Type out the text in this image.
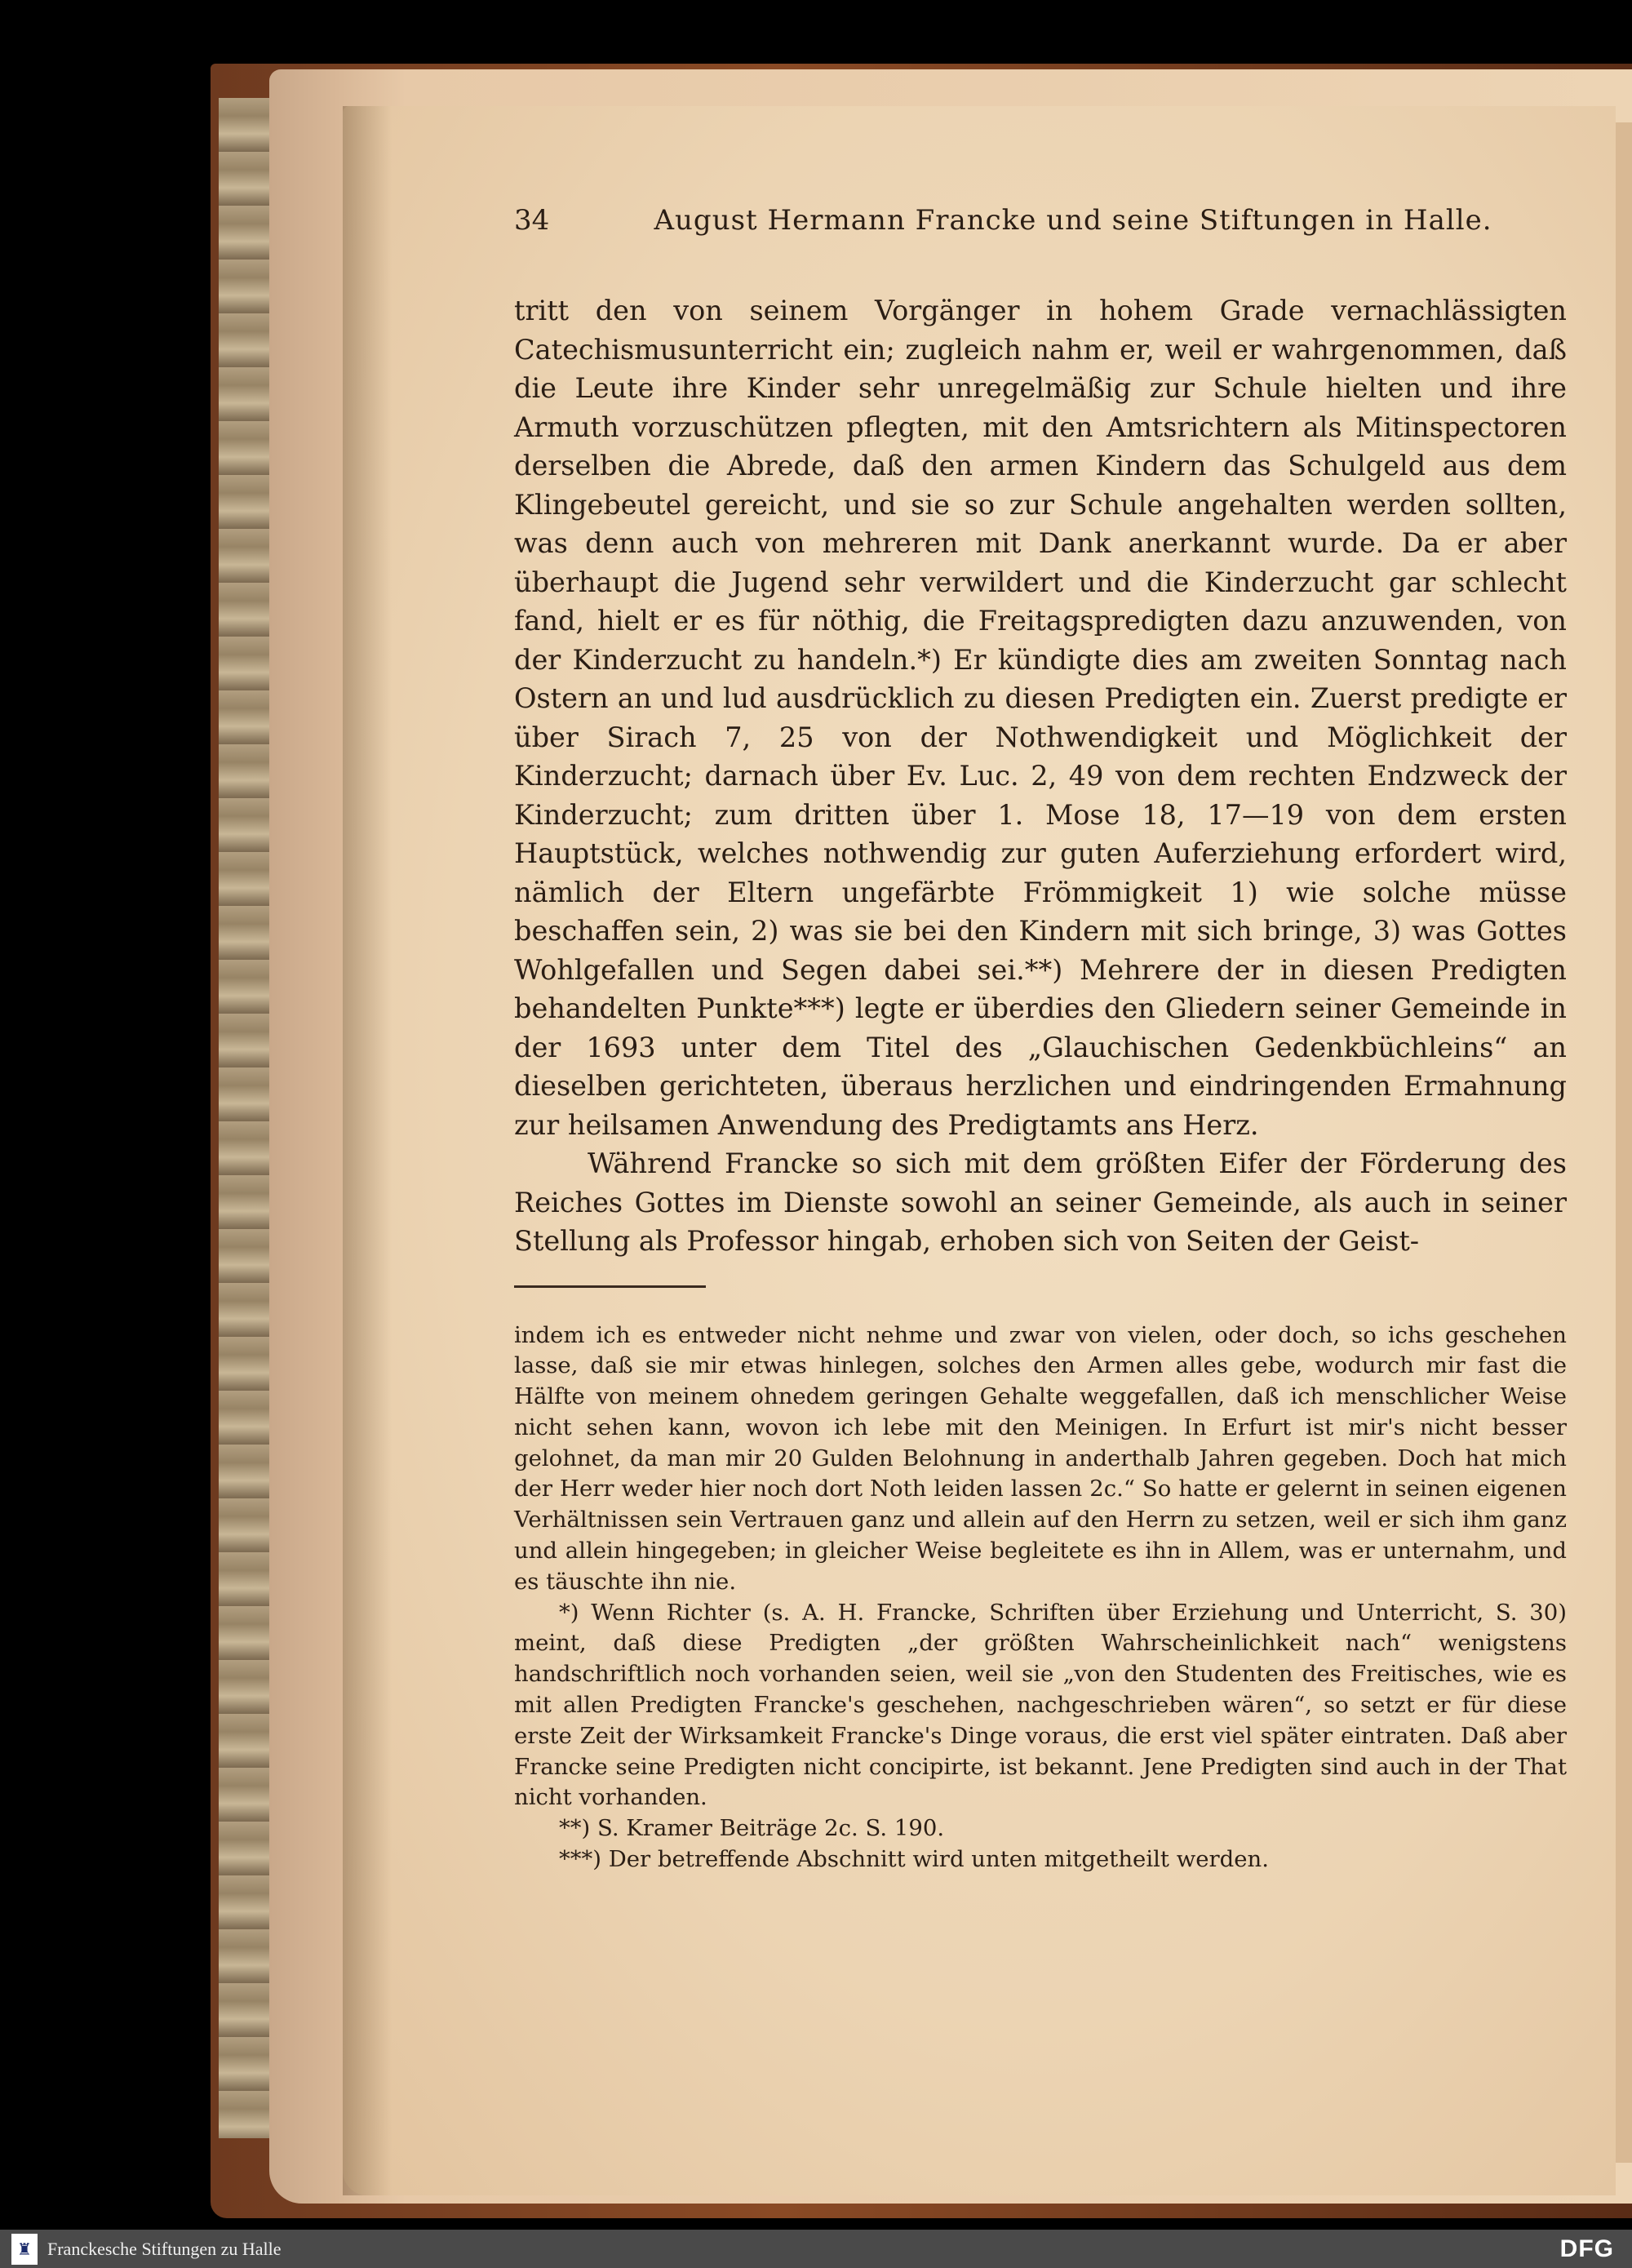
34	August Hermann Francke und seine Stiftungen in Halle.

tritt den von seinem Vorgänger in hohem Grade vernachlässigten Catechismusunterricht ein; zugleich nahm er, weil er wahrgenommen, daß die Leute ihre Kinder sehr unregelmäßig zur Schule hielten und ihre Armuth vorzuschützen pflegten, mit den Amtsrichtern als Mitinspectoren derselben die Abrede, daß den armen Kindern das Schulgeld aus dem Klingebeutel gereicht, und sie so zur Schule angehalten werden sollten, was denn auch von mehreren mit Dank anerkannt wurde. Da er aber überhaupt die Jugend sehr verwildert und die Kinderzucht gar schlecht fand, hielt er es für nöthig, die Freitagspredigten dazu anzuwenden, von der Kinderzucht zu handeln.*) Er kündigte dies am zweiten Sonntag nach Ostern an und lud ausdrücklich zu diesen Predigten ein. Zuerst predigte er über Sirach 7, 25 von der Nothwendigkeit und Möglichkeit der Kinderzucht; darnach über Ev. Luc. 2, 49 von dem rechten Endzweck der Kinderzucht; zum dritten über 1. Mose 18, 17—19 von dem ersten Hauptstück, welches nothwendig zur guten Auferziehung erfordert wird, nämlich der Eltern ungefärbte Frömmigkeit 1) wie solche müsse beschaffen sein, 2) was sie bei den Kindern mit sich bringe, 3) was Gottes Wohlgefallen und Segen dabei sei.**) Mehrere der in diesen Predigten behandelten Punkte***) legte er überdies den Gliedern seiner Gemeinde in der 1693 unter dem Titel des „Glauchischen Gedenkbüchleins“ an dieselben gerichteten, überaus herzlichen und eindringenden Ermahnung zur heilsamen Anwendung des Predigtamts ans Herz.

Während Francke so sich mit dem größten Eifer der Förderung des Reiches Gottes im Dienste sowohl an seiner Gemeinde, als auch in seiner Stellung als Professor hingab, erhoben sich von Seiten der Geist-

indem ich es entweder nicht nehme und zwar von vielen, oder doch, so ichs geschehen lasse, daß sie mir etwas hinlegen, solches den Armen alles gebe, wodurch mir fast die Hälfte von meinem ohnedem geringen Gehalte weggefallen, daß ich menschlicher Weise nicht sehen kann, wovon ich lebe mit den Meinigen. In Erfurt ist mir's nicht besser gelohnet, da man mir 20 Gulden Belohnung in anderthalb Jahren gegeben. Doch hat mich der Herr weder hier noch dort Noth leiden lassen 2c.“ So hatte er gelernt in seinen eigenen Verhältnissen sein Vertrauen ganz und allein auf den Herrn zu setzen, weil er sich ihm ganz und allein hingegeben; in gleicher Weise begleitete es ihn in Allem, was er unternahm, und es täuschte ihn nie.

*) Wenn Richter (s. A. H. Francke, Schriften über Erziehung und Unterricht, S. 30) meint, daß diese Predigten „der größten Wahrscheinlichkeit nach“ wenigstens handschriftlich noch vorhanden seien, weil sie „von den Studenten des Freitisches, wie es mit allen Predigten Francke's geschehen, nachgeschrieben wären“, so setzt er für diese erste Zeit der Wirksamkeit Francke's Dinge voraus, die erst viel später eintraten. Daß aber Francke seine Predigten nicht concipirte, ist bekannt. Jene Predigten sind auch in der That nicht vorhanden.

**) S. Kramer Beiträge 2c. S. 190.

***) Der betreffende Abschnitt wird unten mitgetheilt werden.

♜ Franckesche Stiftungen zu Halle	DFG
